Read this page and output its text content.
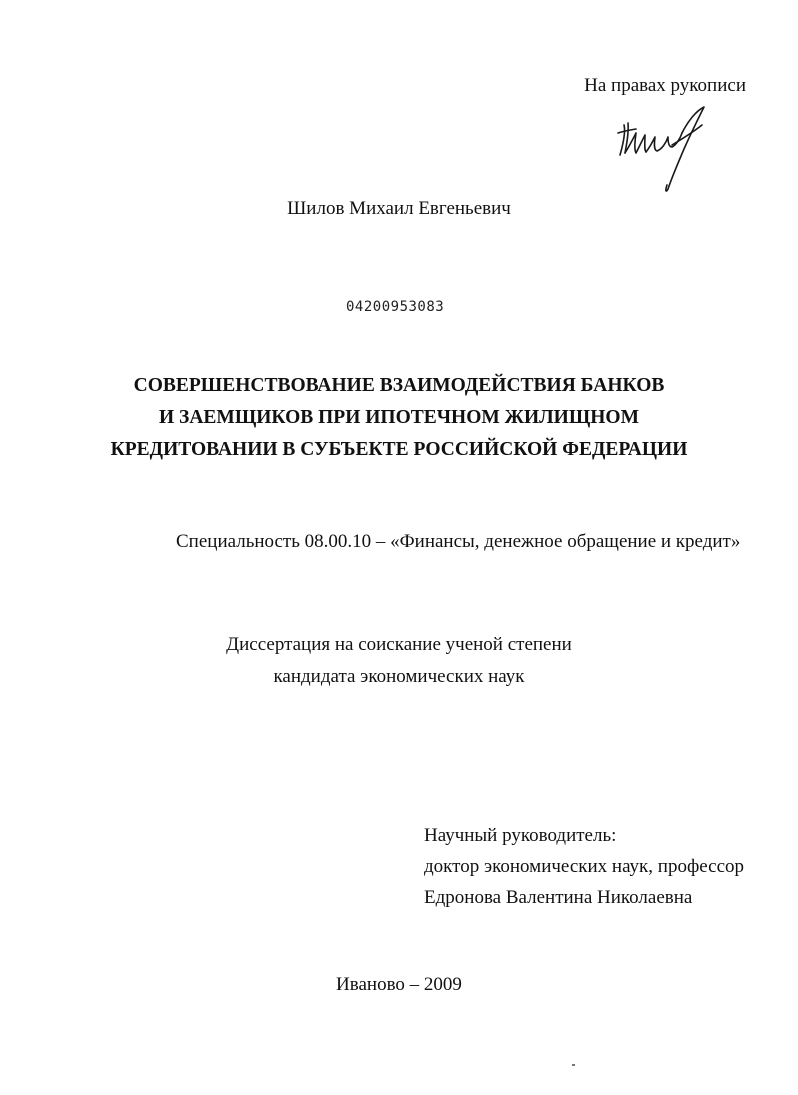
На правах рукописи
Шилов Михаил Евгеньевич
04200953083
СОВЕРШЕНСТВОВАНИЕ ВЗАИМОДЕЙСТВИЯ БАНКОВ
И ЗАЕМЩИКОВ ПРИ ИПОТЕЧНОМ ЖИЛИЩНОМ
КРЕДИТОВАНИИ В СУБЪЕКТЕ РОССИЙСКОЙ ФЕДЕРАЦИИ
Специальность 08.00.10 – «Финансы, денежное обращение и кредит»
Диссертация на соискание ученой степени
кандидата экономических наук
Научный руководитель:
доктор экономических наук, профессор
Едронова Валентина Николаевна
Иваново – 2009
